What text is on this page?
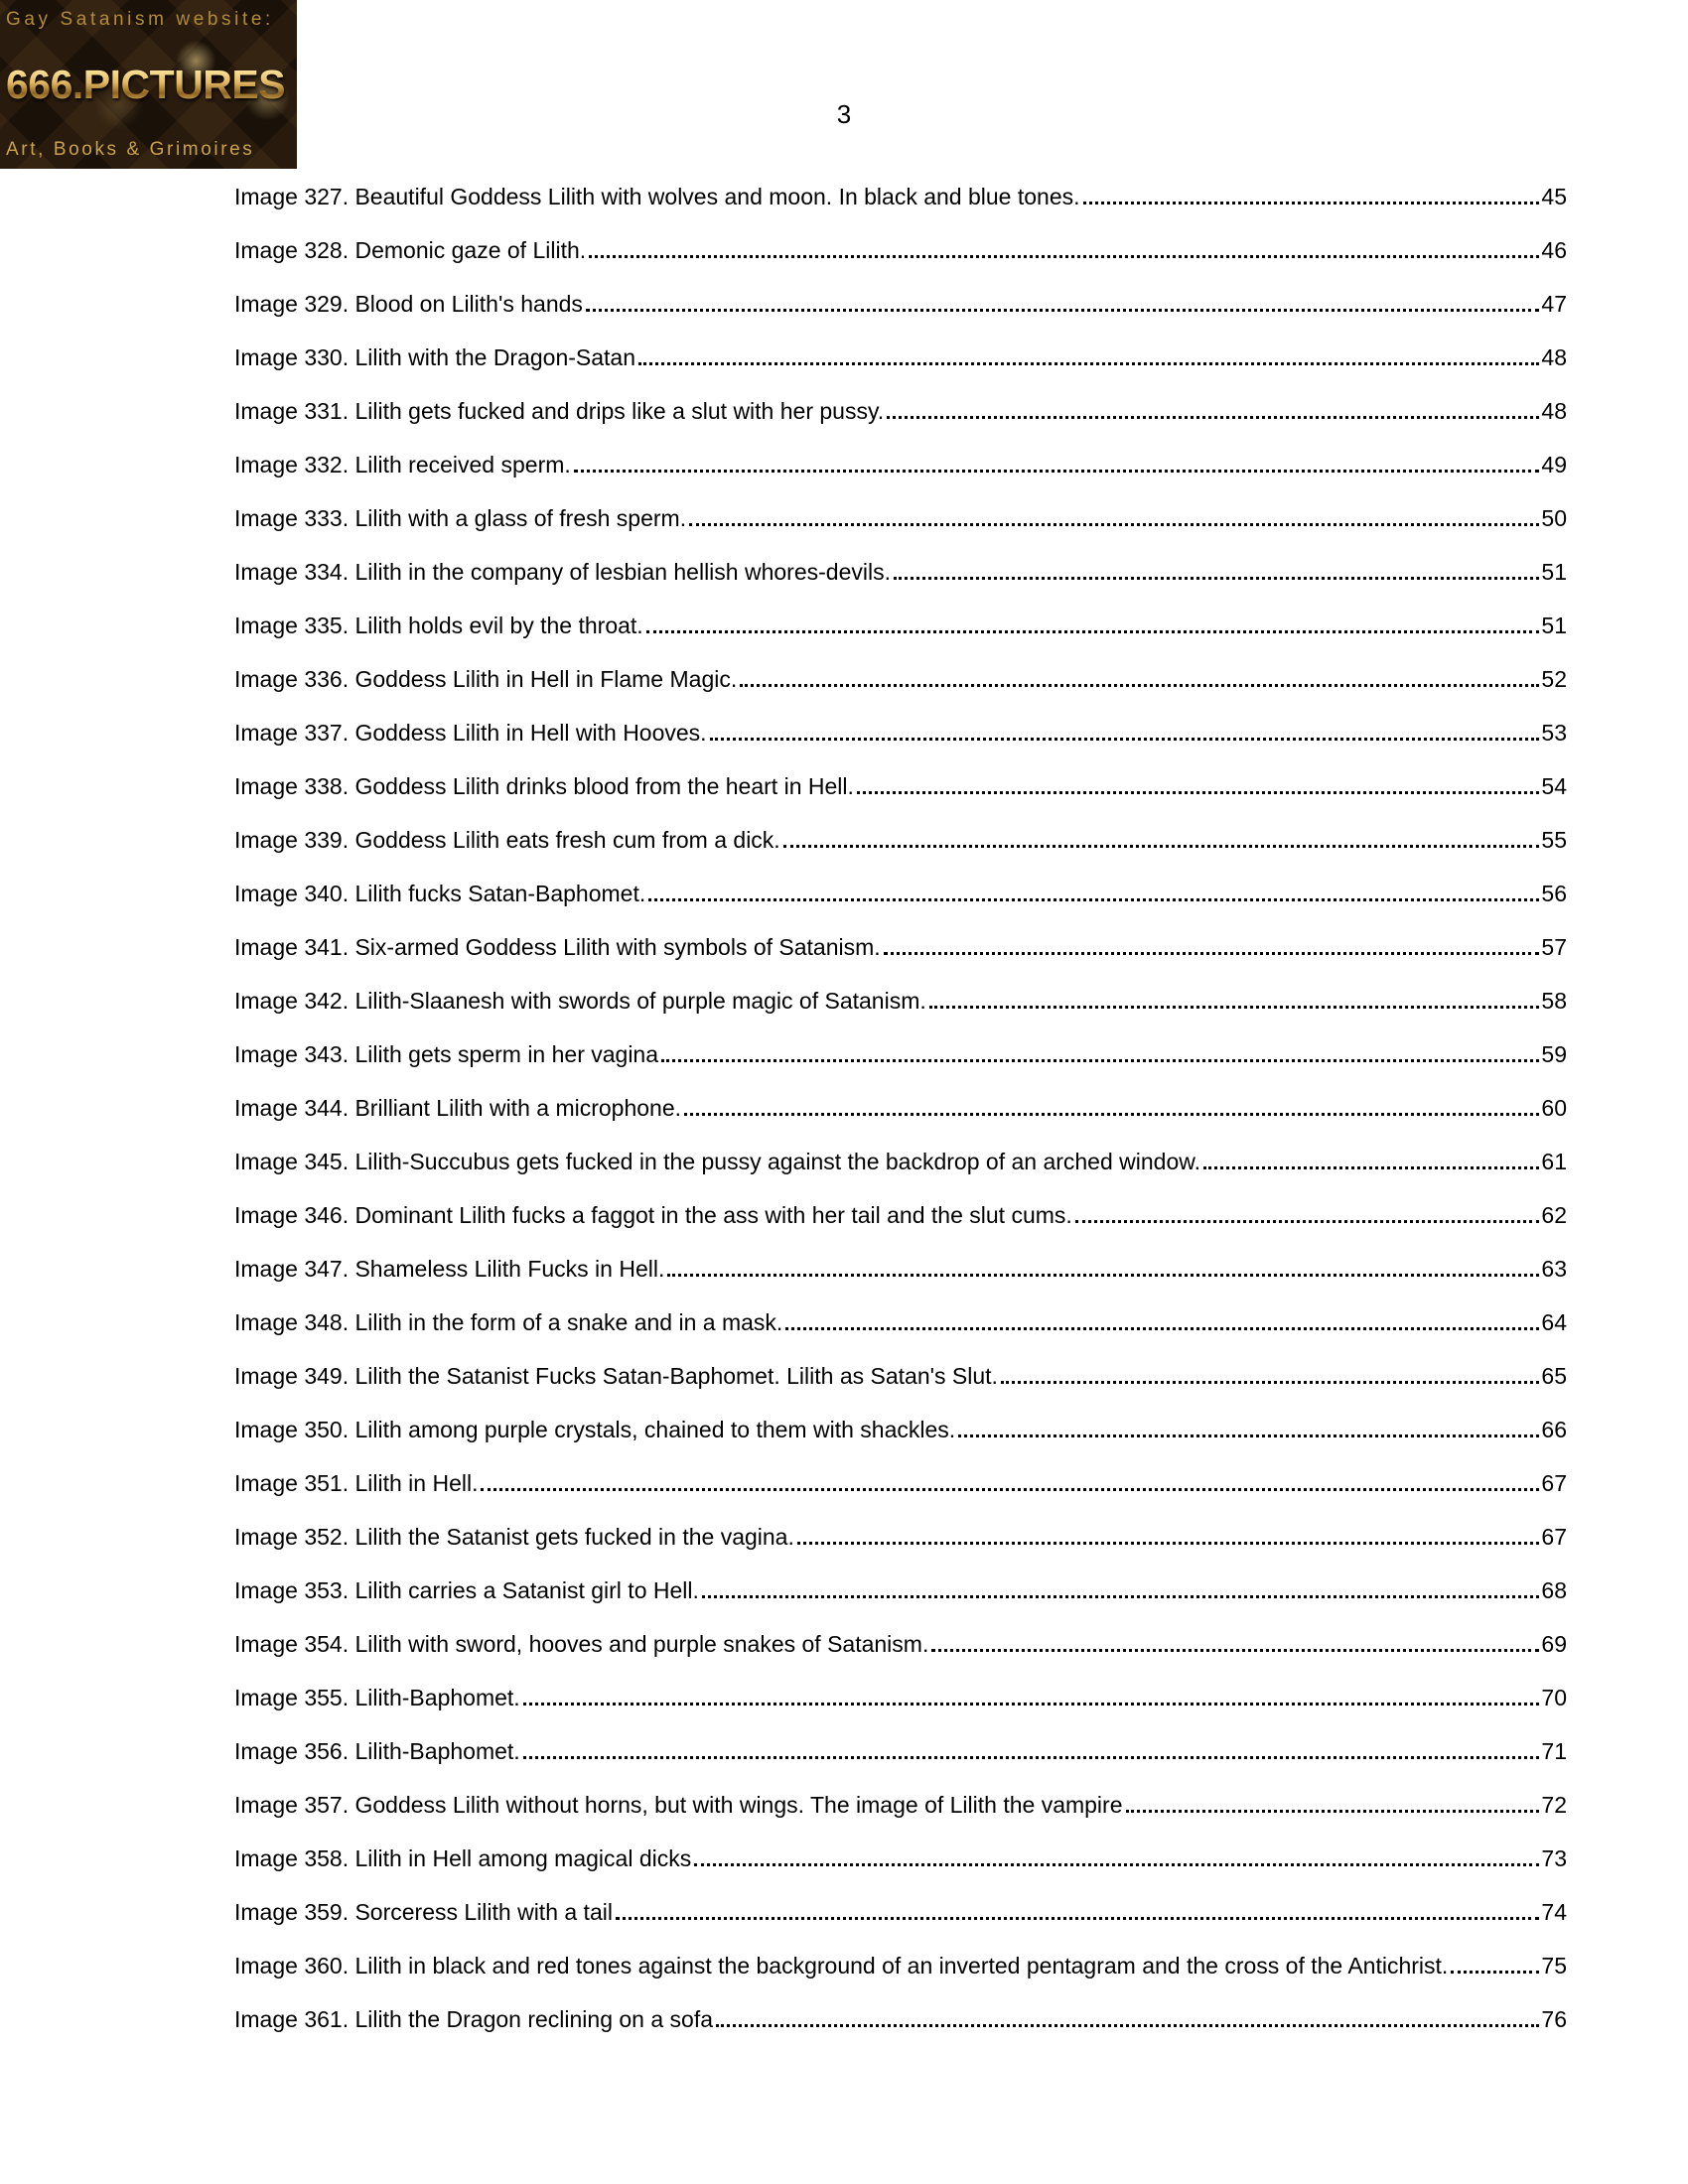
Gay Satanism website:
666.PICTURES
Art, Books & Grimoires
3
Image 327. Beautiful Goddess Lilith with wolves and moon. In black and blue tones.	45
Image 328. Demonic gaze of Lilith.	46
Image 329. Blood on Lilith's hands	47
Image 330. Lilith with the Dragon-Satan	48
Image 331. Lilith gets fucked and drips like a slut with her pussy.	48
Image 332. Lilith received sperm.	49
Image 333. Lilith with a glass of fresh sperm.	50
Image 334. Lilith in the company of lesbian hellish whores-devils.	51
Image 335. Lilith holds evil by the throat.	51
Image 336. Goddess Lilith in Hell in Flame Magic.	52
Image 337. Goddess Lilith in Hell with Hooves.	53
Image 338. Goddess Lilith drinks blood from the heart in Hell.	54
Image 339. Goddess Lilith eats fresh cum from a dick.	55
Image 340. Lilith fucks Satan-Baphomet.	56
Image 341. Six-armed Goddess Lilith with symbols of Satanism.	57
Image 342. Lilith-Slaanesh with swords of purple magic of Satanism.	58
Image 343. Lilith gets sperm in her vagina	59
Image 344. Brilliant Lilith with a microphone.	60
Image 345. Lilith-Succubus gets fucked in the pussy against the backdrop of an arched window.	61
Image 346. Dominant Lilith fucks a faggot in the ass with her tail and the slut cums.	62
Image 347. Shameless Lilith Fucks in Hell.	63
Image 348. Lilith in the form of a snake and in a mask.	64
Image 349. Lilith the Satanist Fucks Satan-Baphomet. Lilith as Satan's Slut.	65
Image 350. Lilith among purple crystals, chained to them with shackles.	66
Image 351. Lilith in Hell.	67
Image 352. Lilith the Satanist gets fucked in the vagina.	67
Image 353. Lilith carries a Satanist girl to Hell.	68
Image 354. Lilith with sword, hooves and purple snakes of Satanism.	69
Image 355. Lilith-Baphomet.	70
Image 356. Lilith-Baphomet.	71
Image 357. Goddess Lilith without horns, but with wings. The image of Lilith the vampire	72
Image 358. Lilith in Hell among magical dicks	73
Image 359. Sorceress Lilith with a tail	74
Image 360. Lilith in black and red tones against the background of an inverted pentagram and the cross of the Antichrist.	75
Image 361. Lilith the Dragon reclining on a sofa	76
